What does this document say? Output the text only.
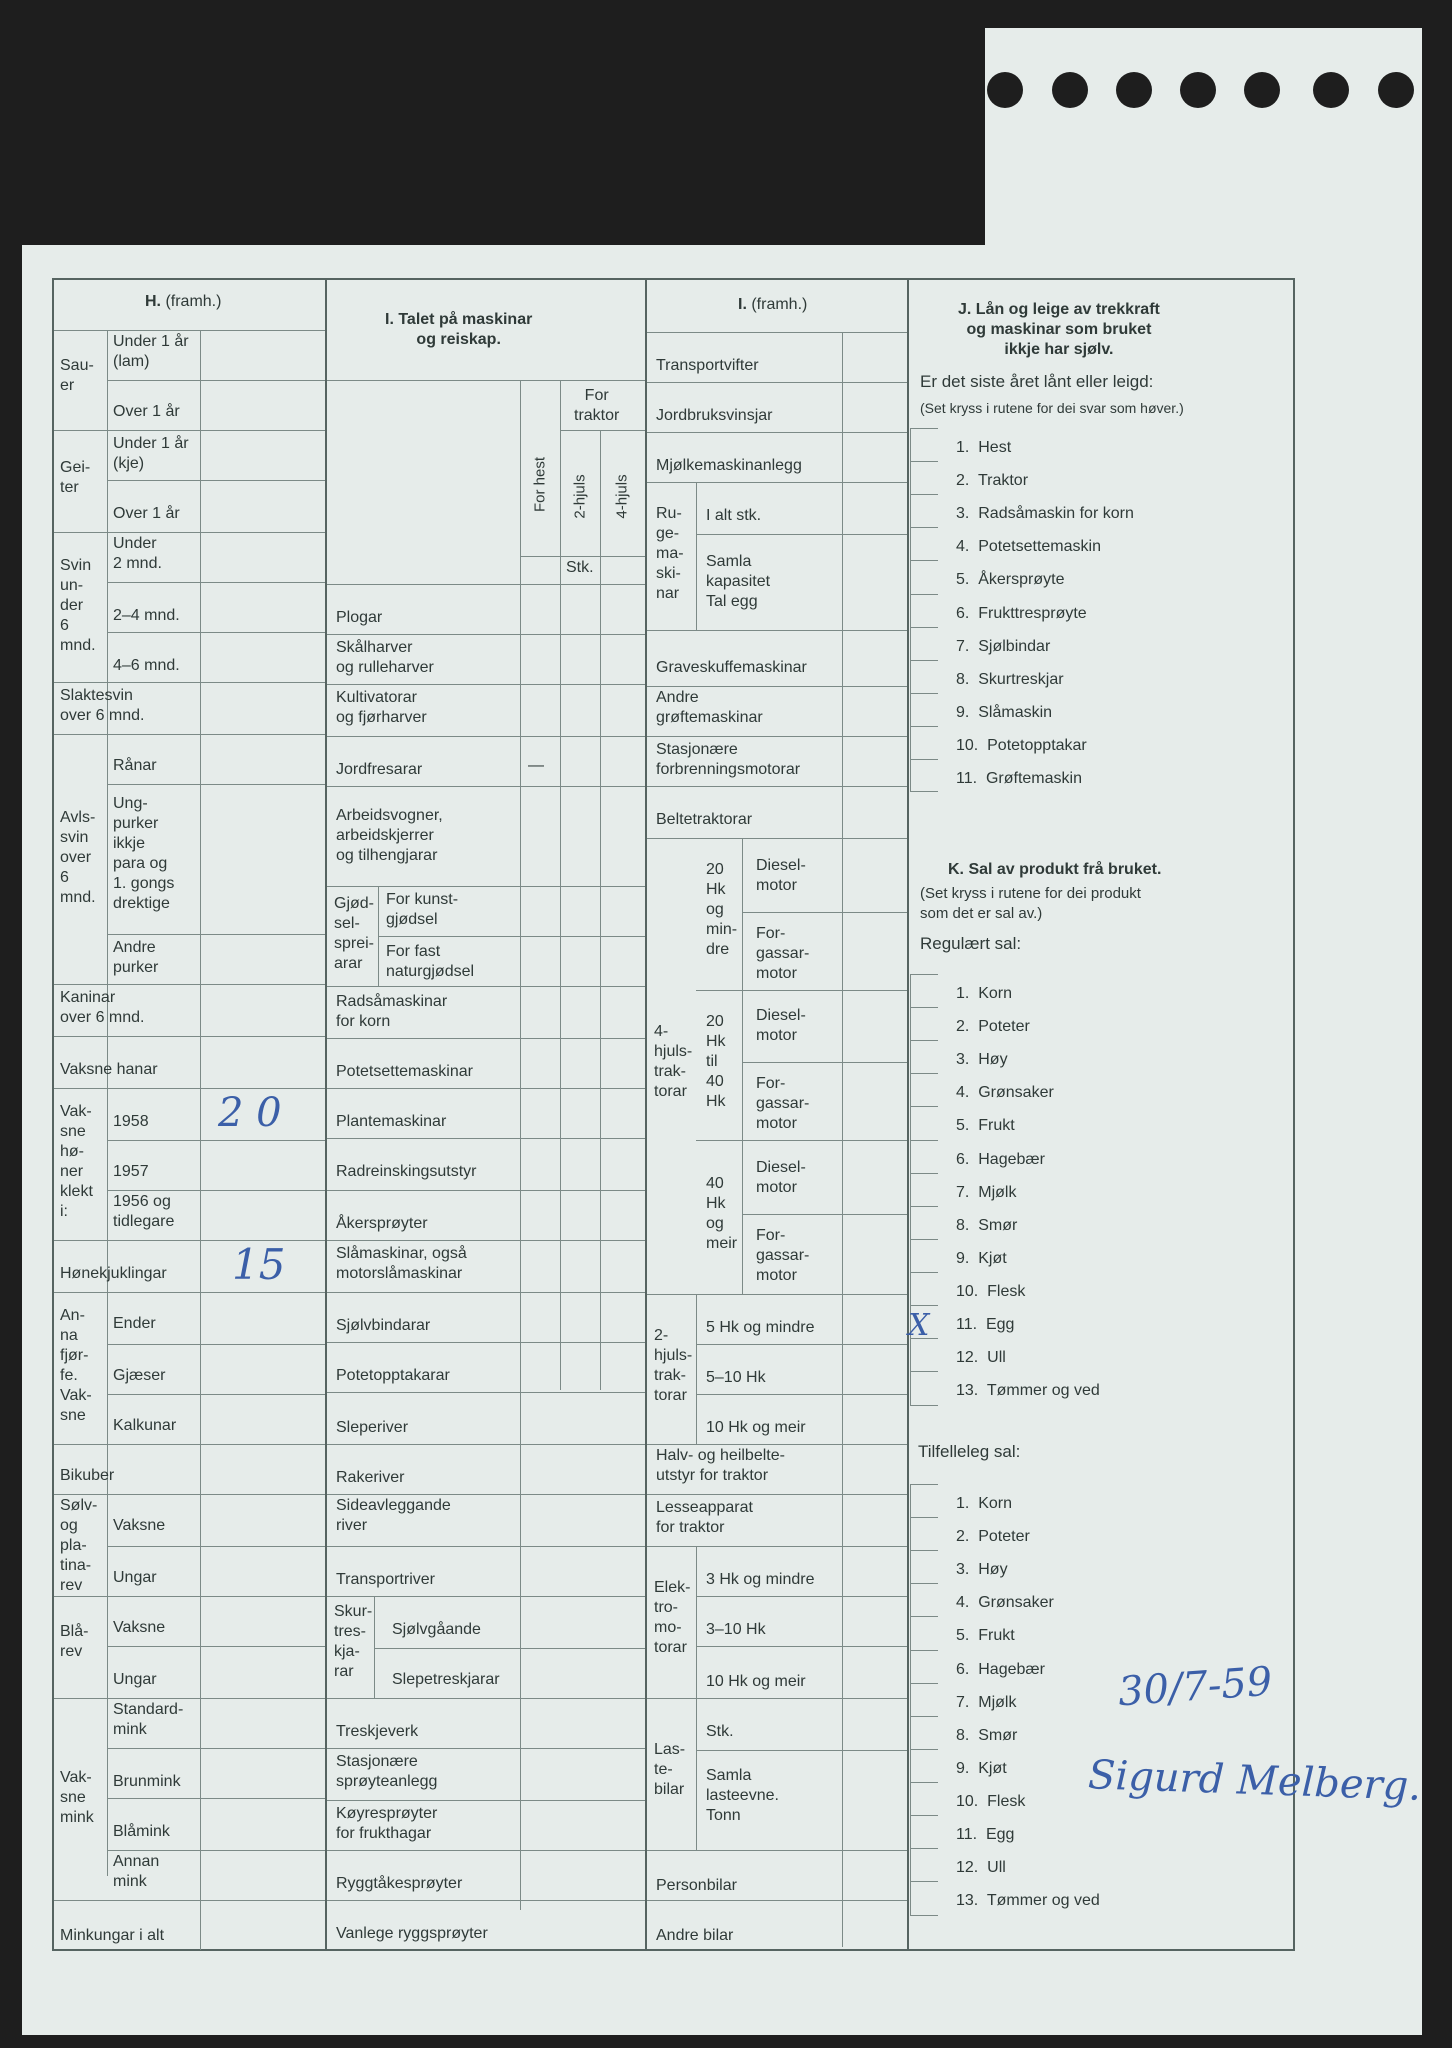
H. (framh.)
Sau-
er
Under 1 år
(lam)
Over 1 år
Gei-
ter
Under 1 år
(kje)
Over 1 år
Svin
un-
der
6
mnd.
Under
2 mnd.
2–4 mnd.
4–6 mnd.
Slaktesvin
over 6 mnd.
Avls-
svin
over
6
mnd.
Rånar
Ung-
purker
ikkje
para og
1. gongs
drektige
Andre
purker
Kaninar
over 6 mnd.
Vaksne hanar
Vak-
sne
hø-
ner
klekt
i:
1958
1957
1956 og
tidlegare
Hønekjuklingar
An-
na
fjør-
fe.
Vak-
sne
Ender
Gjæser
Kalkunar
Bikuber
Sølv-
og
pla-
tina-
rev
Vaksne
Ungar
Blå-
rev
Vaksne
Ungar
Vak-
sne
mink
Standard-
mink
Brunmink
Blåmink
Annan
mink
Minkungar i alt
I. Talet på maskinar
og reiskap.
For
traktor
For hest 2-hjuls 4-hjuls
Stk.
Plogar
Skålharver
og rulleharver
Kultivatorar
og fjørharver
Jordfresarar	—
Arbeidsvogner,
arbeidskjerrer
og tilhengjarar
Gjød-
sel-
sprei-
arar
For kunst-
gjødsel
For fast
naturgjødsel
Radsåmaskinar
for korn
Potetsettemaskinar
Plantemaskinar
Radreinskingsutstyr
Åkersprøyter
Slåmaskinar, også
motorslåmaskinar
Sjølvbindarar
Potetopptakarar
Sleperiver
Rakeriver
Sideavleggande
river
Transportriver
Skur-
tres-
kja-
rar
Sjølvgåande
Slepetreskjarar
Treskjeverk
Stasjonære
sprøyteanlegg
Køyresprøyter
for frukthagar
Ryggtåkesprøyter
Vanlege ryggsprøyter
I. (framh.)
Transportvifter
Jordbruksvinsjar
Mjølkemaskinanlegg
Ru-
ge-
ma-
ski-
nar
I alt stk.
Samla
kapasitet
Tal egg
Graveskuffemaskinar
Andre
grøftemaskinar
Stasjonære
forbrenningsmotorar
Beltetraktorar
4-
hjuls-
trak-
torar
20
Hk
og
min-
dre
Diesel-
motor
For-
gassar-
motor
20
Hk
til
40
Hk
Diesel-
motor
For-
gassar-
motor
40
Hk
og
meir
Diesel-
motor
For-
gassar-
motor
2-
hjuls-
trak-
torar
5 Hk og mindre
5–10 Hk
10 Hk og meir
Halv- og heilbelte-
utstyr for traktor
Lesseapparat
for traktor
Elek-
tro-
mo-
torar
3 Hk og mindre
3–10 Hk
10 Hk og meir
Las-
te-
bilar
Stk.
Samla
lasteevne.
Tonn
Personbilar
Andre bilar
J. Lån og leige av trekkraft
og maskinar som bruket
ikkje har sjølv.
Er det siste året lånt eller leigd:
(Set kryss i rutene for dei svar som høver.)
1.  Hest
2.  Traktor
3.  Radsåmaskin for korn
4.  Potetsettemaskin
5.  Åkersprøyte
6.  Frukttresprøyte
7.  Sjølbindar
8.  Skurtreskjar
9.  Slåmaskin
10.  Potetopptakar
11.  Grøftemaskin
K. Sal av produkt frå bruket.
(Set kryss i rutene for dei produkt
som det er sal av.)
Regulært sal:
1.  Korn
2.  Poteter
3.  Høy
4.  Grønsaker
5.  Frukt
6.  Hagebær
7.  Mjølk
8.  Smør
9.  Kjøt
10.  Flesk
11.  Egg
12.  Ull
13.  Tømmer og ved
Tilfelleleg sal:
1.  Korn
2.  Poteter
3.  Høy
4.  Grønsaker
5.  Frukt
6.  Hagebær
7.  Mjølk
8.  Smør
9.  Kjøt
10.  Flesk
11.  Egg
12.  Ull
13.  Tømmer og ved
2 0
15
X
30/7-59
Sigurd Melberg.
